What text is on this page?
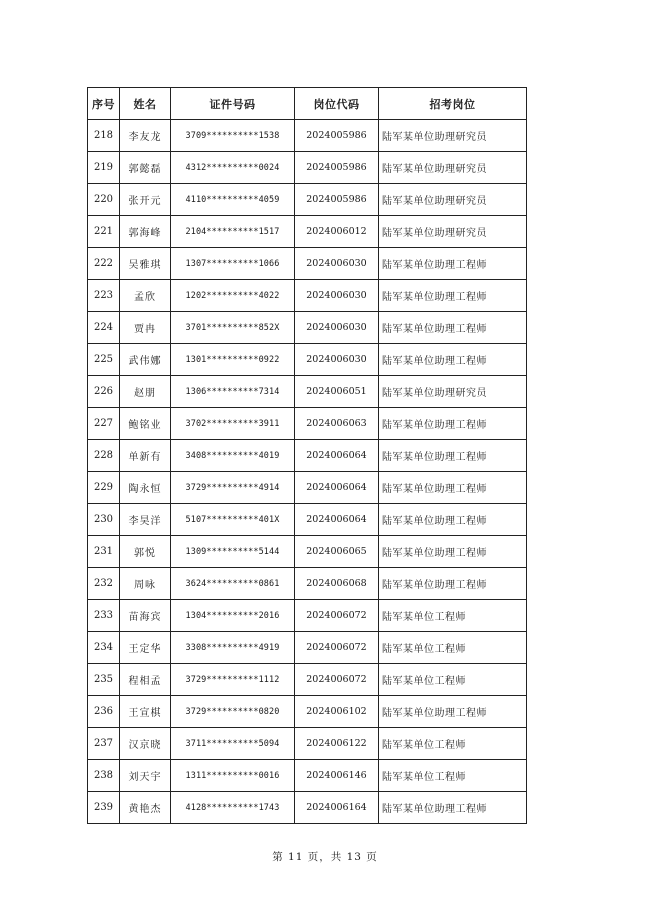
序号	姓名	证件号码	岗位代码	招考岗位
218	李友龙	3709**********1538	2024005986	陆军某单位助理研究员
219	郭懿磊	4312**********0024	2024005986	陆军某单位助理研究员
220	张开元	4110**********4059	2024005986	陆军某单位助理研究员
221	郭海峰	2104**********1517	2024006012	陆军某单位助理研究员
222	吴雅琪	1307**********1066	2024006030	陆军某单位助理工程师
223	孟欣	1202**********4022	2024006030	陆军某单位助理工程师
224	贾冉	3701**********852X	2024006030	陆军某单位助理工程师
225	武伟娜	1301**********0922	2024006030	陆军某单位助理工程师
226	赵朋	1306**********7314	2024006051	陆军某单位助理研究员
227	鲍铭业	3702**********3911	2024006063	陆军某单位助理工程师
228	单新有	3408**********4019	2024006064	陆军某单位助理工程师
229	陶永恒	3729**********4914	2024006064	陆军某单位助理工程师
230	李昊洋	5107**********401X	2024006064	陆军某单位助理工程师
231	郭悦	1309**********5144	2024006065	陆军某单位助理工程师
232	周咏	3624**********0861	2024006068	陆军某单位助理工程师
233	苗海宾	1304**********2016	2024006072	陆军某单位工程师
234	王定华	3308**********4919	2024006072	陆军某单位工程师
235	程相孟	3729**********1112	2024006072	陆军某单位工程师
236	王宣棋	3729**********0820	2024006102	陆军某单位助理工程师
237	汉京晓	3711**********5094	2024006122	陆军某单位工程师
238	刘天宇	1311**********0016	2024006146	陆军某单位工程师
239	黄艳杰	4128**********1743	2024006164	陆军某单位助理工程师
第 11 页，共 13 页
